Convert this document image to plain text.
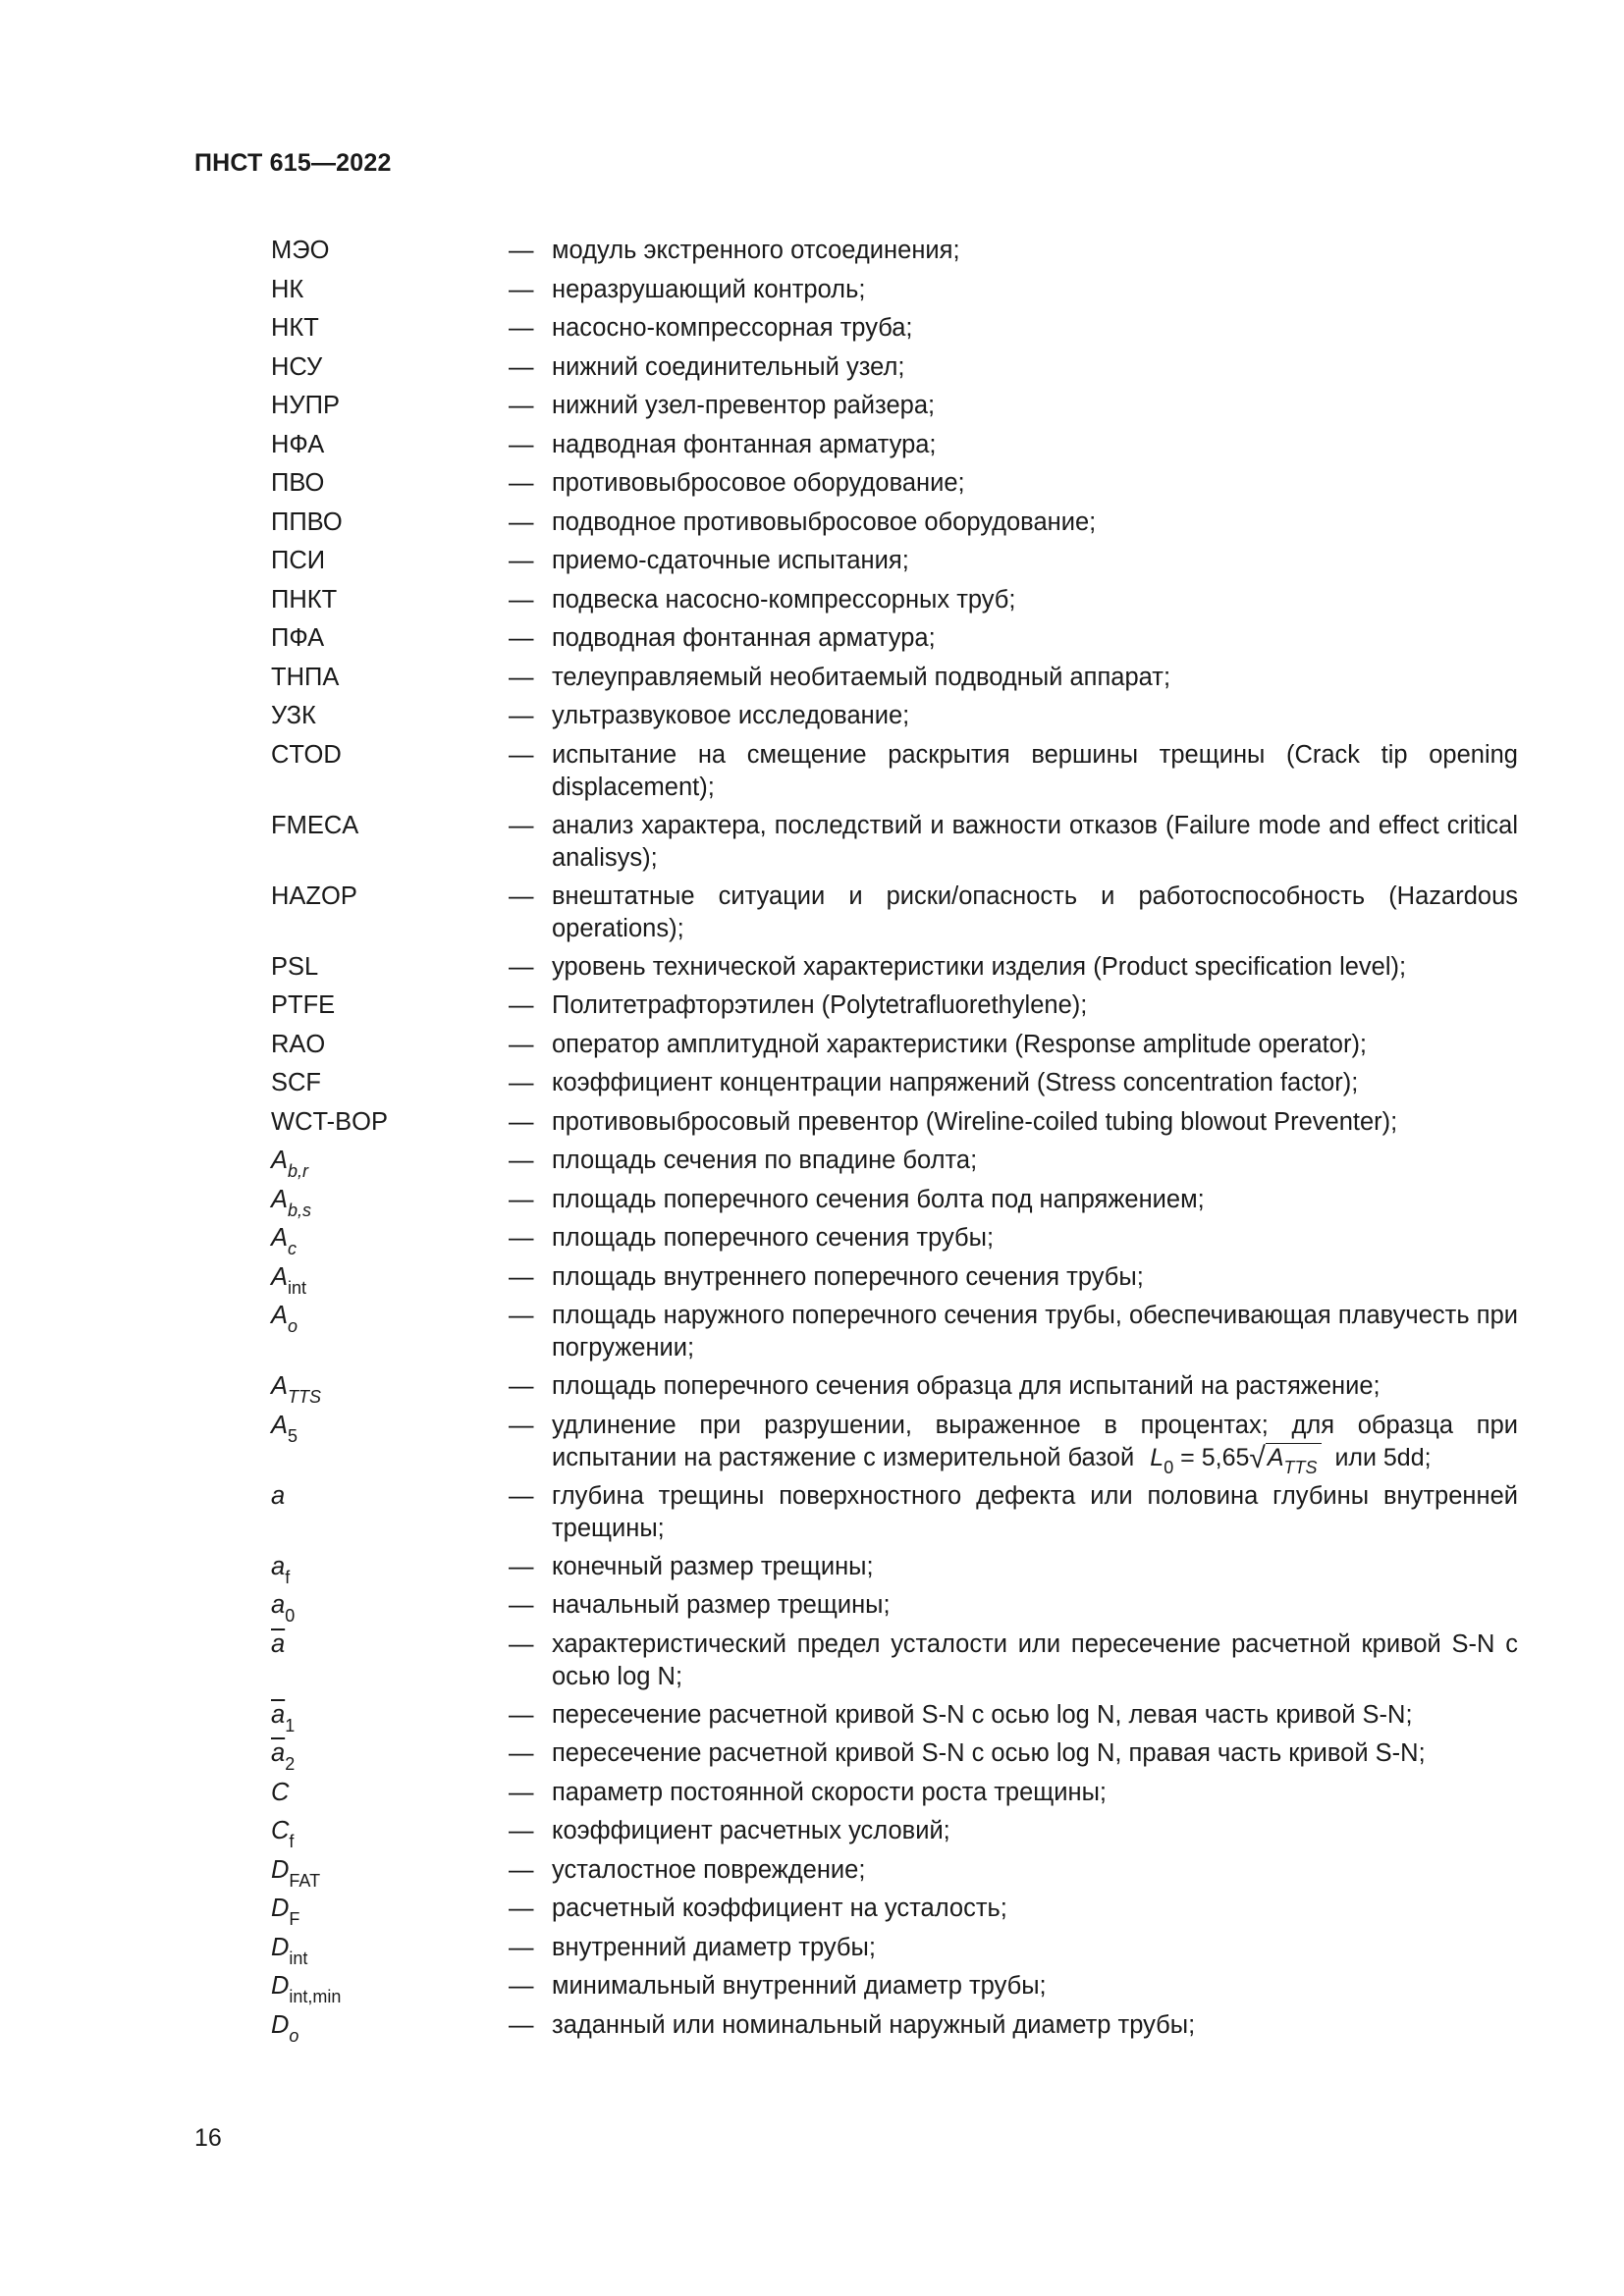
ПНСТ 615—2022
МЭО	— модуль экстренного отсоединения;
НК	— неразрушающий контроль;
НКТ	— насосно-компрессорная труба;
НСУ	— нижний соединительный узел;
НУПР	— нижний узел-превентор райзера;
НФА	— надводная фонтанная арматура;
ПВО	— противовыбросовое оборудование;
ППВО	— подводное противовыбросовое оборудование;
ПСИ	— приемо-сдаточные испытания;
ПНКТ	— подвеска насосно-компрессорных труб;
ПФА	— подводная фонтанная арматура;
ТНПА	— телеуправляемый необитаемый подводный аппарат;
УЗК	— ультразвуковое исследование;
CTOD	— испытание на смещение раскрытия вершины трещины (Crack tip opening displacement);
FMECA	— анализ характера, последствий и важности отказов (Failure mode and effect critical analisys);
HAZOP	— внештатные ситуации и риски/опасность и работоспособность (Hazardous operations);
PSL	— уровень технической характеристики изделия (Product specification level);
PTFE	— Политетрафторэтилен (Polytetrafluorethylene);
RAO	— оператор амплитудной характеристики (Response amplitude operator);
SCF	— коэффициент концентрации напряжений (Stress concentration factor);
WCT-BOP	— противовыбросовый превентор (Wireline-coiled tubing blowout Preventer);
$A_{b,r}$	— площадь сечения по впадине болта;
$A_{b,s}$	— площадь поперечного сечения болта под напряжением;
$A_c$	— площадь поперечного сечения трубы;
$A_{int}$	— площадь внутреннего поперечного сечения трубы;
$A_o$	— площадь наружного поперечного сечения трубы, обеспечивающая плавучесть при погружении;
$A_{TTS}$	— площадь поперечного сечения образца для испытаний на растяжение;
$A_5$	— удлинение при разрушении, выраженное в процентах; для образца при испытании на растяжение с измерительной базой $L_0 = 5,65√A_{TTS}$ или 5dd;
a	— глубина трещины поверхностного дефекта или половина глубины внутренней трещины;
$a_f$	— конечный размер трещины;
$a_0$	— начальный размер трещины;
$\overline{a}$	— характеристический предел усталости или пересечение расчетной кривой S-N с осью log N;
$\overline{a}_1$	— пересечение расчетной кривой S-N с осью log N, левая часть кривой S-N;
$\overline{a}_2$	— пересечение расчетной кривой S-N с осью log N, правая часть кривой S-N;
C	— параметр постоянной скорости роста трещины;
$C_f$	— коэффициент расчетных условий;
$D_{FAT}$	— усталостное повреждение;
$D_F$	— расчетный коэффициент на усталость;
$D_{int}$	— внутренний диаметр трубы;
$D_{int,min}$	— минимальный внутренний диаметр трубы;
$D_o$	— заданный или номинальный наружный диаметр трубы;
16
